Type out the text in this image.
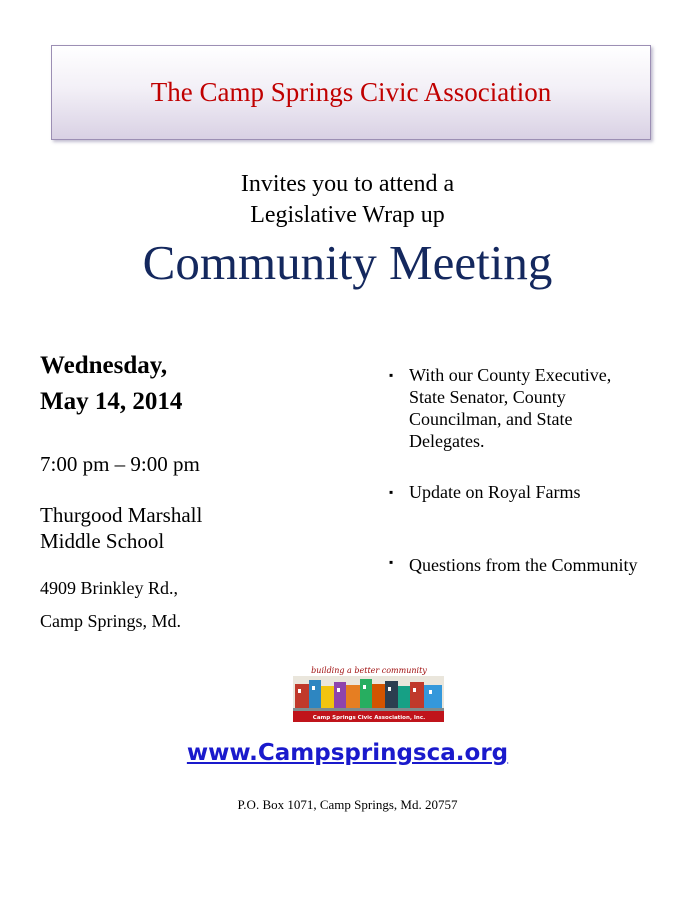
The Camp Springs Civic Association
Invites you to attend a
Legislative Wrap up
Community Meeting
Wednesday,
May 14, 2014
7:00 pm – 9:00 pm
Thurgood Marshall
Middle School
4909 Brinkley Rd.,
Camp Springs, Md.
▪ With our County Executive, State Senator, County Councilman, and State Delegates.
▪ Update on Royal Farms
▪ Questions from the Community
building a better community
Camp Springs Civic Association, Inc.
www.Campspringsca.org
P.O. Box 1071, Camp Springs, Md. 20757
